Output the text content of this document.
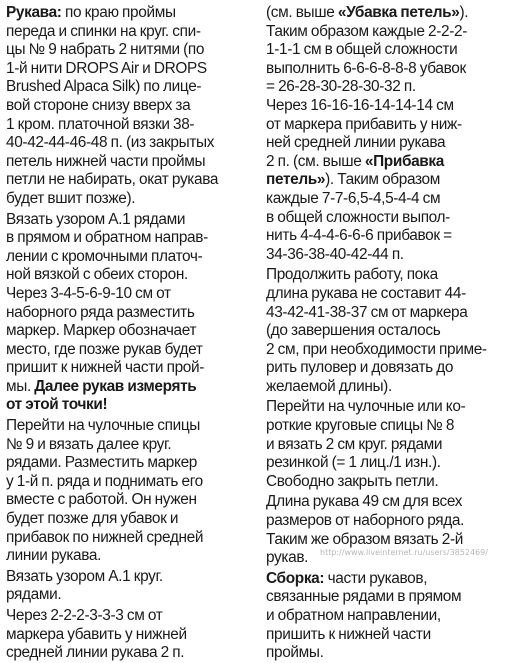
Рукава: по краю проймы
переда и спинки на круг. спи-
цы № 9 набрать 2 нитями (по
1-й нити DROPS Air и DROPS
Brushed Alpaca Silk) по лице-
вой стороне снизу вверх за
1 кром. платочной вязки 38-
40-42-44-46-48 п. (из закрытых
петель нижней части проймы
петли не набирать, окат рукава
будет вшит позже).
Вязать узором А.1 рядами
в прямом и обратном направ-
лении с кромочными платоч-
ной вязкой с обеих сторон.
Через 3-4-5-6-9-10 см от
наборного ряда разместить
маркер. Маркер обозначает
место, где позже рукав будет
пришит к нижней части прой-
мы. Далее рукав измерять
от этой точки!
Перейти на чулочные спицы
№ 9 и вязать далее круг.
рядами. Разместить маркер
у 1-й п. ряда и поднимать его
вместе с работой. Он нужен
будет позже для убавок и
прибавок по нижней средней
линии рукава.
Вязать узором А.1 круг.
рядами.
Через 2-2-2-3-3-3 см от
маркера убавить у нижней
средней линии рукава 2 п.
(см. выше «Убавка петель»).
Таким образом каждые 2-2-2-
1-1-1 см в общей сложности
выполнить 6-6-6-8-8-8 убавок
= 26-28-30-28-30-32 п.
Через 16-16-16-14-14-14 см
от маркера прибавить у ниж-
ней средней линии рукава
2 п. (см. выше «Прибавка
петель»). Таким образом
каждые 7-7-6,5-4,5-4-4 см
в общей сложности выпол-
нить 4-4-4-6-6-6 прибавок =
34-36-38-40-42-44 п.
Продолжить работу, пока
длина рукава не составит 44-
43-42-41-38-37 см от маркера
(до завершения осталось
2 см, при необходимости приме-
рить пуловер и довязать до
желаемой длины).
Перейти на чулочные или ко-
роткие круговые спицы № 8
и вязать 2 см круг. рядами
резинкой (= 1 лиц./1 изн.).
Свободно закрыть петли.
Длина рукава 49 см для всех
размеров от наборного ряда.
Таким же образом вязать 2-й
рукав.
Сборка: части рукавов,
связанные рядами в прямом
и обратном направлении,
пришить к нижней части
проймы.
http://www.liveinternet.ru/users/3852469/
